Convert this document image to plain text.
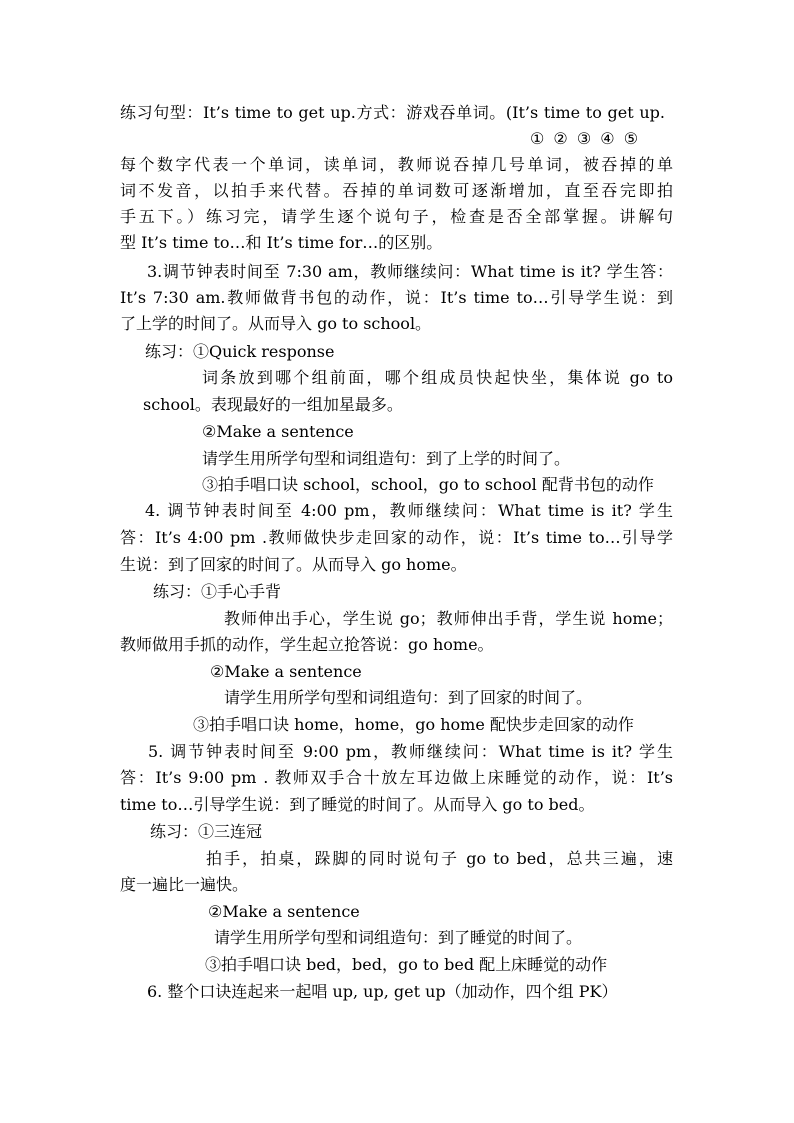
练习句型：It’s time to get up.方式：游戏吞单词。(It’s time to get up.
① ② ③ ④ ⑤
每个数字代表一个单词，读单词，教师说吞掉几号单词，被吞掉的单
词不发音，以拍手来代替。吞掉的单词数可逐渐增加，直至吞完即拍
手五下。）练习完，请学生逐个说句子，检查是否全部掌握。讲解句
型 It’s time to…和 It’s time for…的区别。
3.调节钟表时间至 7:30 am，教师继续问：What time is it? 学生答：
It’s 7:30 am.教师做背书包的动作，说：It’s time to…引导学生说：到
了上学的时间了。从而导入 go to school。
练习：①Quick response
词条放到哪个组前面，哪个组成员快起快坐，集体说 go to
school。表现最好的一组加星最多。
②Make a sentence
请学生用所学句型和词组造句：到了上学的时间了。
③拍手唱口诀 school，school，go to school 配背书包的动作
4. 调节钟表时间至 4:00 pm，教师继续问：What time is it? 学生
答：It’s 4:00 pm .教师做快步走回家的动作，说：It’s time to…引导学
生说：到了回家的时间了。从而导入 go home。
练习：①手心手背
教师伸出手心，学生说 go；教师伸出手背，学生说 home；
教师做用手抓的动作，学生起立抢答说：go home。
②Make a sentence
请学生用所学句型和词组造句：到了回家的时间了。
③拍手唱口诀 home，home，go home 配快步走回家的动作
5. 调节钟表时间至 9:00 pm，教师继续问：What time is it? 学生
答：It’s 9:00 pm . 教师双手合十放左耳边做上床睡觉的动作，说：It’s
time to…引导学生说：到了睡觉的时间了。从而导入 go to bed。
练习：①三连冠
拍手，拍桌，跺脚的同时说句子 go to bed，总共三遍，速
度一遍比一遍快。
②Make a sentence
请学生用所学句型和词组造句：到了睡觉的时间了。
③拍手唱口诀 bed，bed，go to bed 配上床睡觉的动作
6. 整个口诀连起来一起唱 up, up, get up（加动作，四个组 PK）
